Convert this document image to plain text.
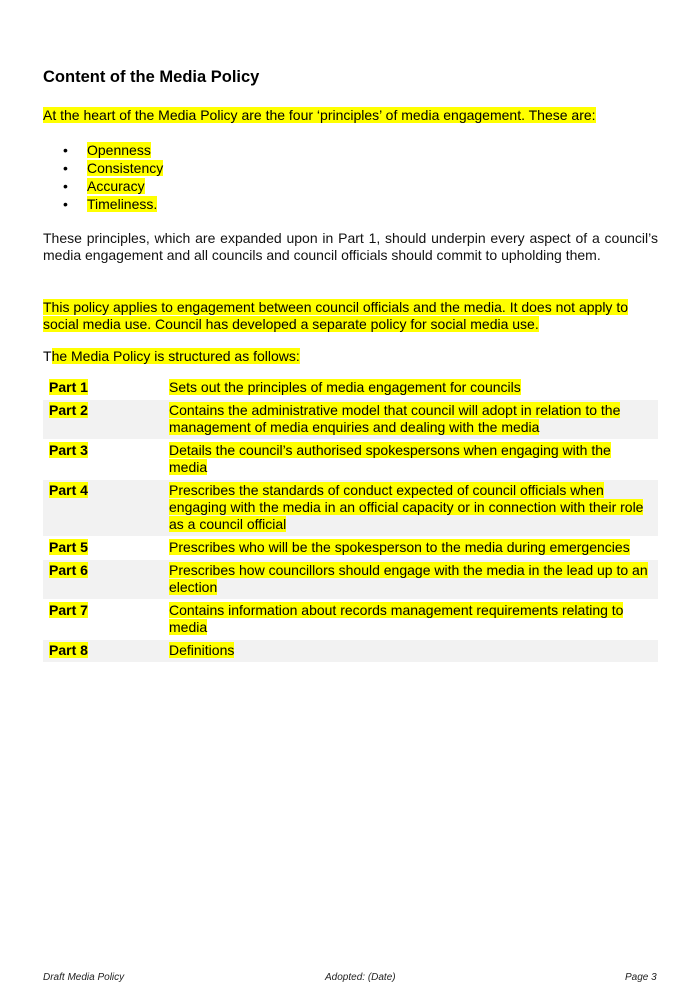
Content of the Media Policy

At the heart of the Media Policy are the four ‘principles’ of media engagement. These are:

• Openness
• Consistency
• Accuracy
• Timeliness.

These principles, which are expanded upon in Part 1, should underpin every aspect of a council’s media engagement and all councils and council officials should commit to upholding them.

This policy applies to engagement between council officials and the media. It does not apply to social media use. Council has developed a separate policy for social media use.

The Media Policy is structured as follows:

Part 1	Sets out the principles of media engagement for councils
Part 2	Contains the administrative model that council will adopt in relation to the management of media enquiries and dealing with the media
Part 3	Details the council’s authorised spokespersons when engaging with the media
Part 4	Prescribes the standards of conduct expected of council officials when engaging with the media in an official capacity or in connection with their role as a council official
Part 5	Prescribes who will be the spokesperson to the media during emergencies
Part 6	Prescribes how councillors should engage with the media in the lead up to an election
Part 7	Contains information about records management requirements relating to media
Part 8	Definitions
Draft Media Policy	Adopted: (Date)	Page 3
